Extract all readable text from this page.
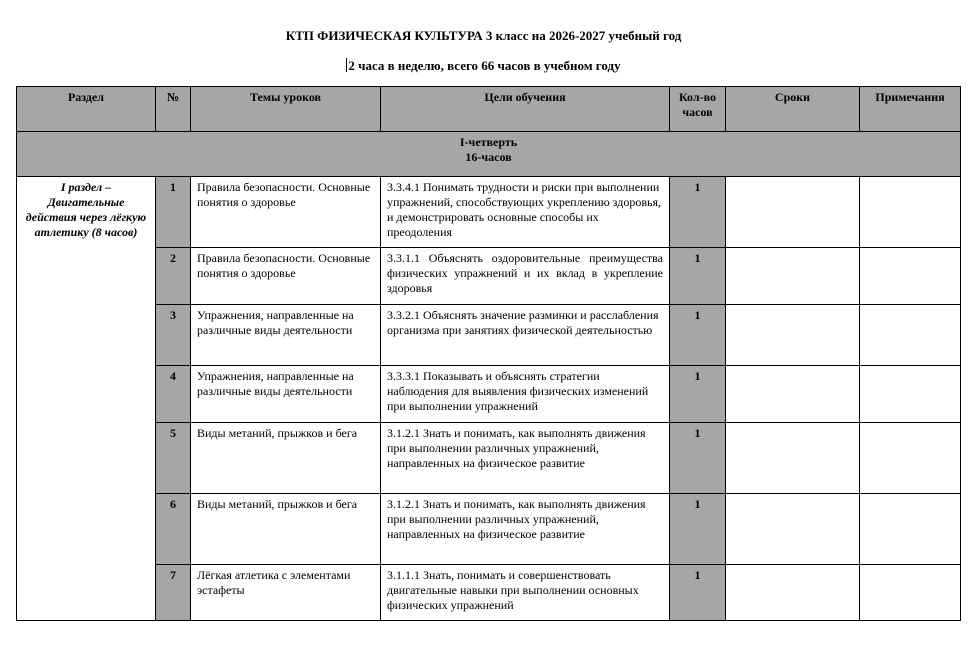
КТП ФИЗИЧЕСКАЯ КУЛЬТУРА 3 класс на 2026-2027 учебный год
2 часа в неделю, всего 66 часов в учебном году
Раздел	№	Темы уроков	Цели обучения	Кол-во часов	Сроки	Примечания

I-четверть
16-часов						

I раздел – Двигательные действия через лёгкую атлетику (8 часов)	1	Правила безопасности. Основные понятия о здоровье	3.3.4.1 Понимать трудности и риски при выполнении упражнений, способствующих укреплению здоровья, и демонстрировать основные способы их преодоления	1		
	2	Правила безопасности. Основные понятия о здоровье	3.3.1.1 Объяснять оздоровительные преимущества физических упражнений и их вклад в укрепление здоровья	1		
	3	Упражнения, направленные на различные виды деятельности	3.3.2.1 Объяснять значение разминки и расслабления организма при занятиях физической деятельностью	1		
	4	Упражнения, направленные на различные виды деятельности	3.3.3.1 Показывать и объяснять стратегии наблюдения для выявления физических изменений при выполнении упражнений	1		
	5	Виды метаний, прыжков и бега	3.1.2.1 Знать и понимать, как выполнять движения при выполнении различных упражнений, направленных на физическое развитие	1		
	6	Виды метаний, прыжков и бега	3.1.2.1 Знать и понимать, как выполнять движения при выполнении различных упражнений, направленных на физическое развитие	1		
	7	Лёгкая атлетика с элементами эстафеты	3.1.1.1 Знать, понимать и совершенствовать двигательные навыки при выполнении основных физических упражнений	1		
